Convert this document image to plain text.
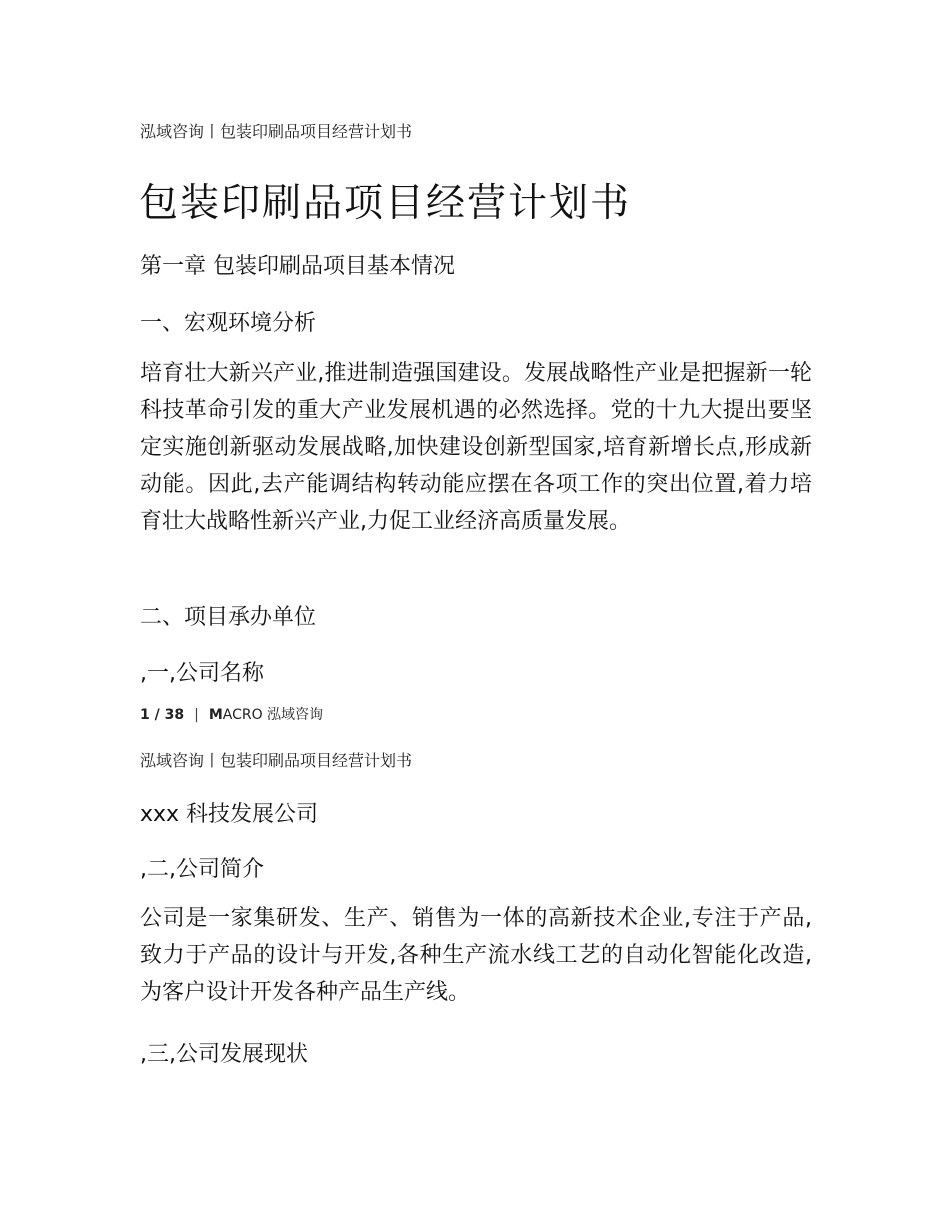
泓域咨询丨包装印刷品项目经营计划书
包装印刷品项目经营计划书
第一章 包装印刷品项目基本情况
一、宏观环境分析

培育壮大新兴产业,推进制造强国建设。发展战略性产业是把握新一轮科技革命引发的重大产业发展机遇的必然选择。党的十九大提出要坚定实施创新驱动发展战略,加快建设创新型国家,培育新增长点,形成新动能。因此,去产能调结构转动能应摆在各项工作的突出位置,着力培育壮大战略性新兴产业,力促工业经济高质量发展。

二、项目承办单位
,一,公司名称
1 / 38 | MACRO 泓域咨询
泓域咨询丨包装印刷品项目经营计划书
xxx 科技发展公司
,二,公司简介

公司是一家集研发、生产、销售为一体的高新技术企业,专注于产品,致力于产品的设计与开发,各种生产流水线工艺的自动化智能化改造,为客户设计开发各种产品生产线。

,三,公司发展现状
